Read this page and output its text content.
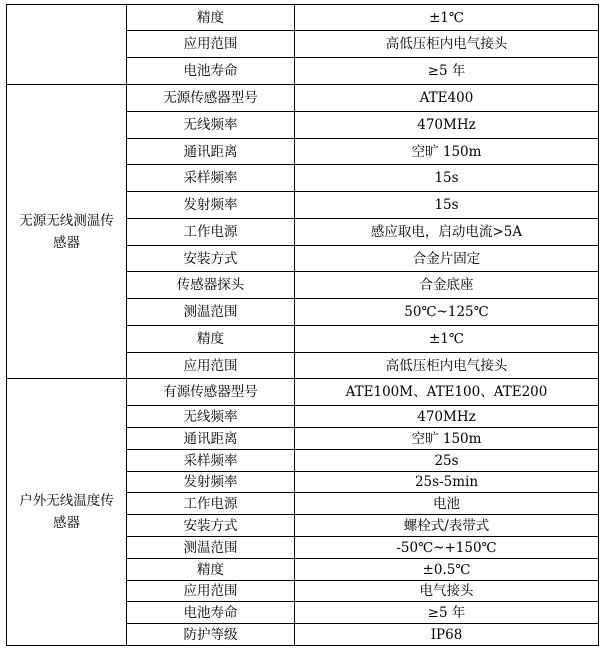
	精度	±1℃
	应用范围	高低压柜内电气接头
	电池寿命	≥5 年
无源无线测温传感器	无源传感器型号	ATE400
	无线频率	470MHz
	通讯距离	空旷 150m
	采样频率	15s
	发射频率	15s
	工作电源	感应取电，启动电流>5A
	安装方式	合金片固定
	传感器探头	合金底座
	测温范围	50℃~125℃
	精度	±1℃
	应用范围	高低压柜内电气接头
户外无线温度传感器	有源传感器型号	ATE100M、ATE100、ATE200
	无线频率	470MHz
	通讯距离	空旷 150m
	采样频率	25s
	发射频率	25s-5min
	工作电源	电池
	安装方式	螺栓式/表带式
	测温范围	-50℃~+150℃
	精度	±0.5℃
	应用范围	电气接头
	电池寿命	≥5 年
	防护等级	IP68
